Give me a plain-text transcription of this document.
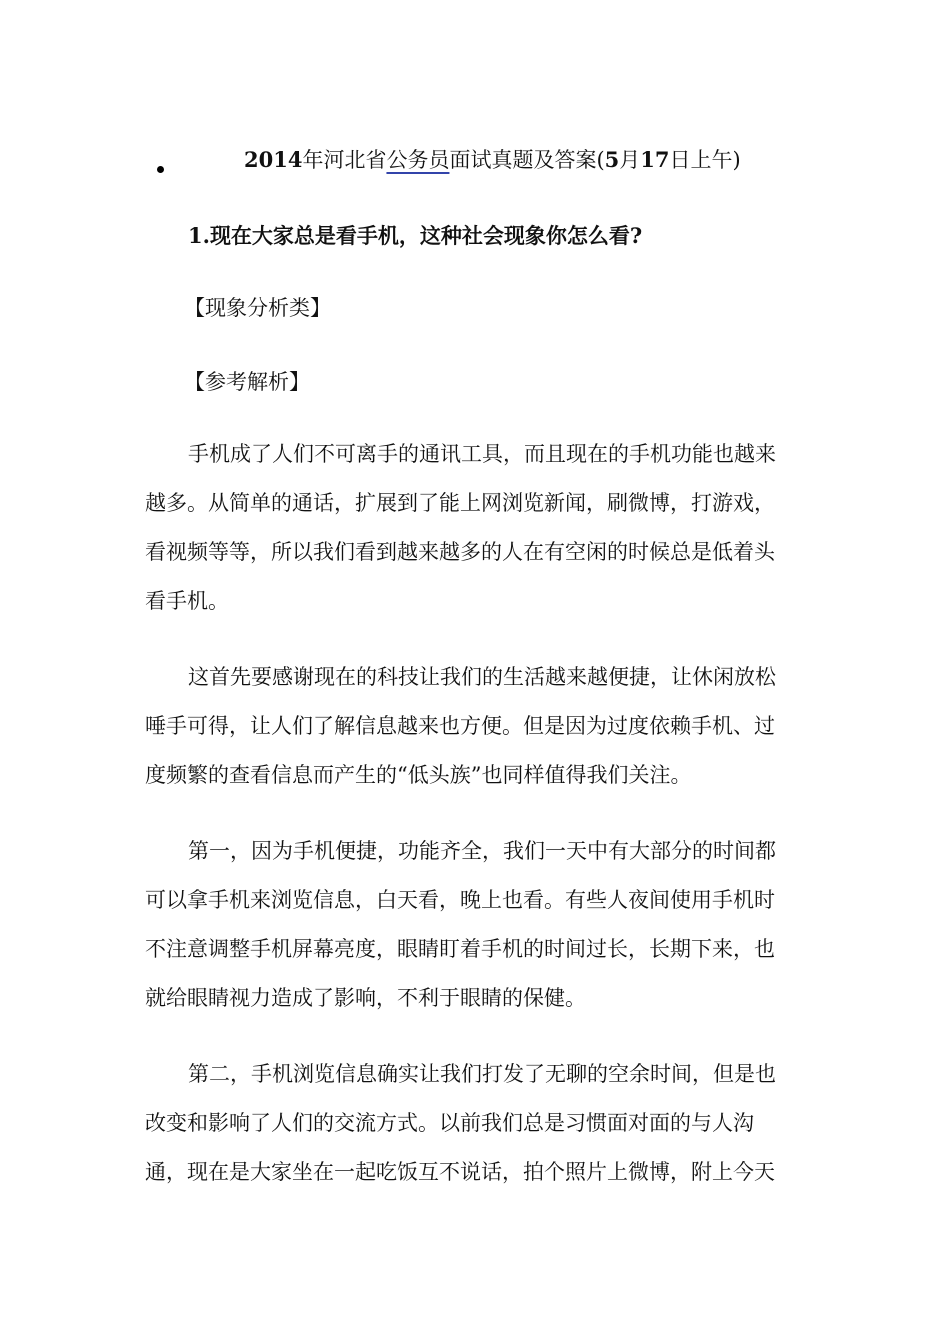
2014年河北省公务员面试真题及答案(5月17日上午)
1.现在大家总是看手机，这种社会现象你怎么看?
【现象分析类】
【参考解析】
手机成了人们不可离手的通讯工具，而且现在的手机功能也越来
越多。从简单的通话，扩展到了能上网浏览新闻，刷微博，打游戏，
看视频等等，所以我们看到越来越多的人在有空闲的时候总是低着头
看手机。
这首先要感谢现在的科技让我们的生活越来越便捷，让休闲放松
唾手可得，让人们了解信息越来也方便。但是因为过度依赖手机、过
度频繁的查看信息而产生的“低头族”也同样值得我们关注。
第一，因为手机便捷，功能齐全，我们一天中有大部分的时间都
可以拿手机来浏览信息，白天看，晚上也看。有些人夜间使用手机时
不注意调整手机屏幕亮度，眼睛盯着手机的时间过长，长期下来，也
就给眼睛视力造成了影响，不利于眼睛的保健。
第二，手机浏览信息确实让我们打发了无聊的空余时间，但是也
改变和影响了人们的交流方式。以前我们总是习惯面对面的与人沟
通，现在是大家坐在一起吃饭互不说话，拍个照片上微博，附上今天
